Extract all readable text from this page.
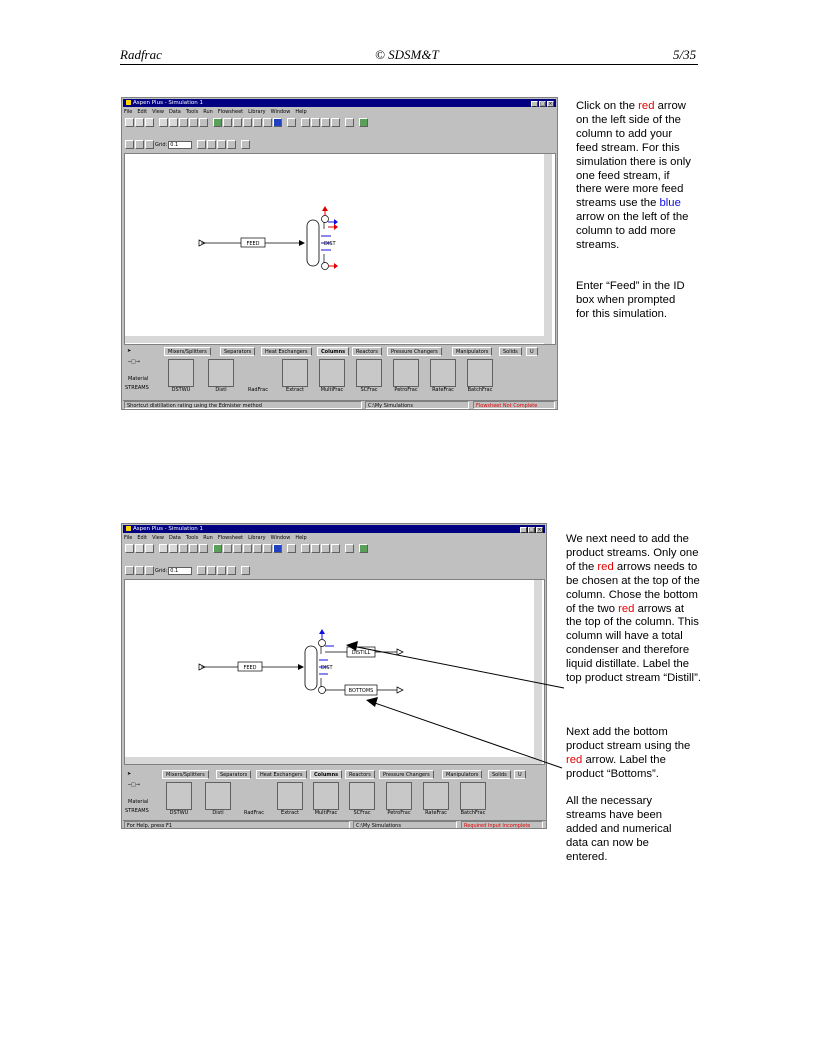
Radfrac	© SDSM&T	5/35
Click on the red arrow on the left side of the column to add your feed stream. For this simulation there is only one feed stream, if there were more feed streams use the blue arrow on the left of the column to add more streams.
Enter “Feed” in the ID box when prompted for this simulation.
We next need to add the product streams. Only one of the red arrows needs to be chosen at the top of the column. Chose the bottom of the two red arrows at the top of the column. This column will have a total condenser and therefore liquid distillate. Label the top product stream “Distill”.
Next add the bottom product stream using the red arrow. Label the product “Bottoms”.
All the necessary streams have been added and numerical data can now be entered.
Aspen Plus - Simulation 1	_ □ ×
File Edit View Data Tools Run Flowsheet Library Window Help
Grid: 0.1
FEED	DIST
➤	Mixers/Splitters	Separators	Heat Exchangers	Columns	Reactors	Pressure Changers	Manipulators	Solids	U
─□→
Material
STREAMS	DSTWU	Distl	RadFrac	Extract	MultiFrac	SCFrac	PetroFrac	RateFrac	BatchFrac
Shortcut distillation rating using the Edmister method	C:\My Simulations	Flowsheet Not Complete
Aspen Plus - Simulation 1	_ □ ×
File Edit View Data Tools Run Flowsheet Library Window Help
Grid: 0.1
FEED	DIST
DISTILL
BOTTOMS
➤	Mixers/Splitters	Separators	Heat Exchangers	Columns	Reactors	Pressure Changers	Manipulators	Solids	U
─□→
Material
STREAMS	DSTWU	Distl	RadFrac	Extract	MultiFrac	SCFrac	PetroFrac	RateFrac	BatchFrac
For Help, press F1	C:\My Simulations	Required Input Incomplete
